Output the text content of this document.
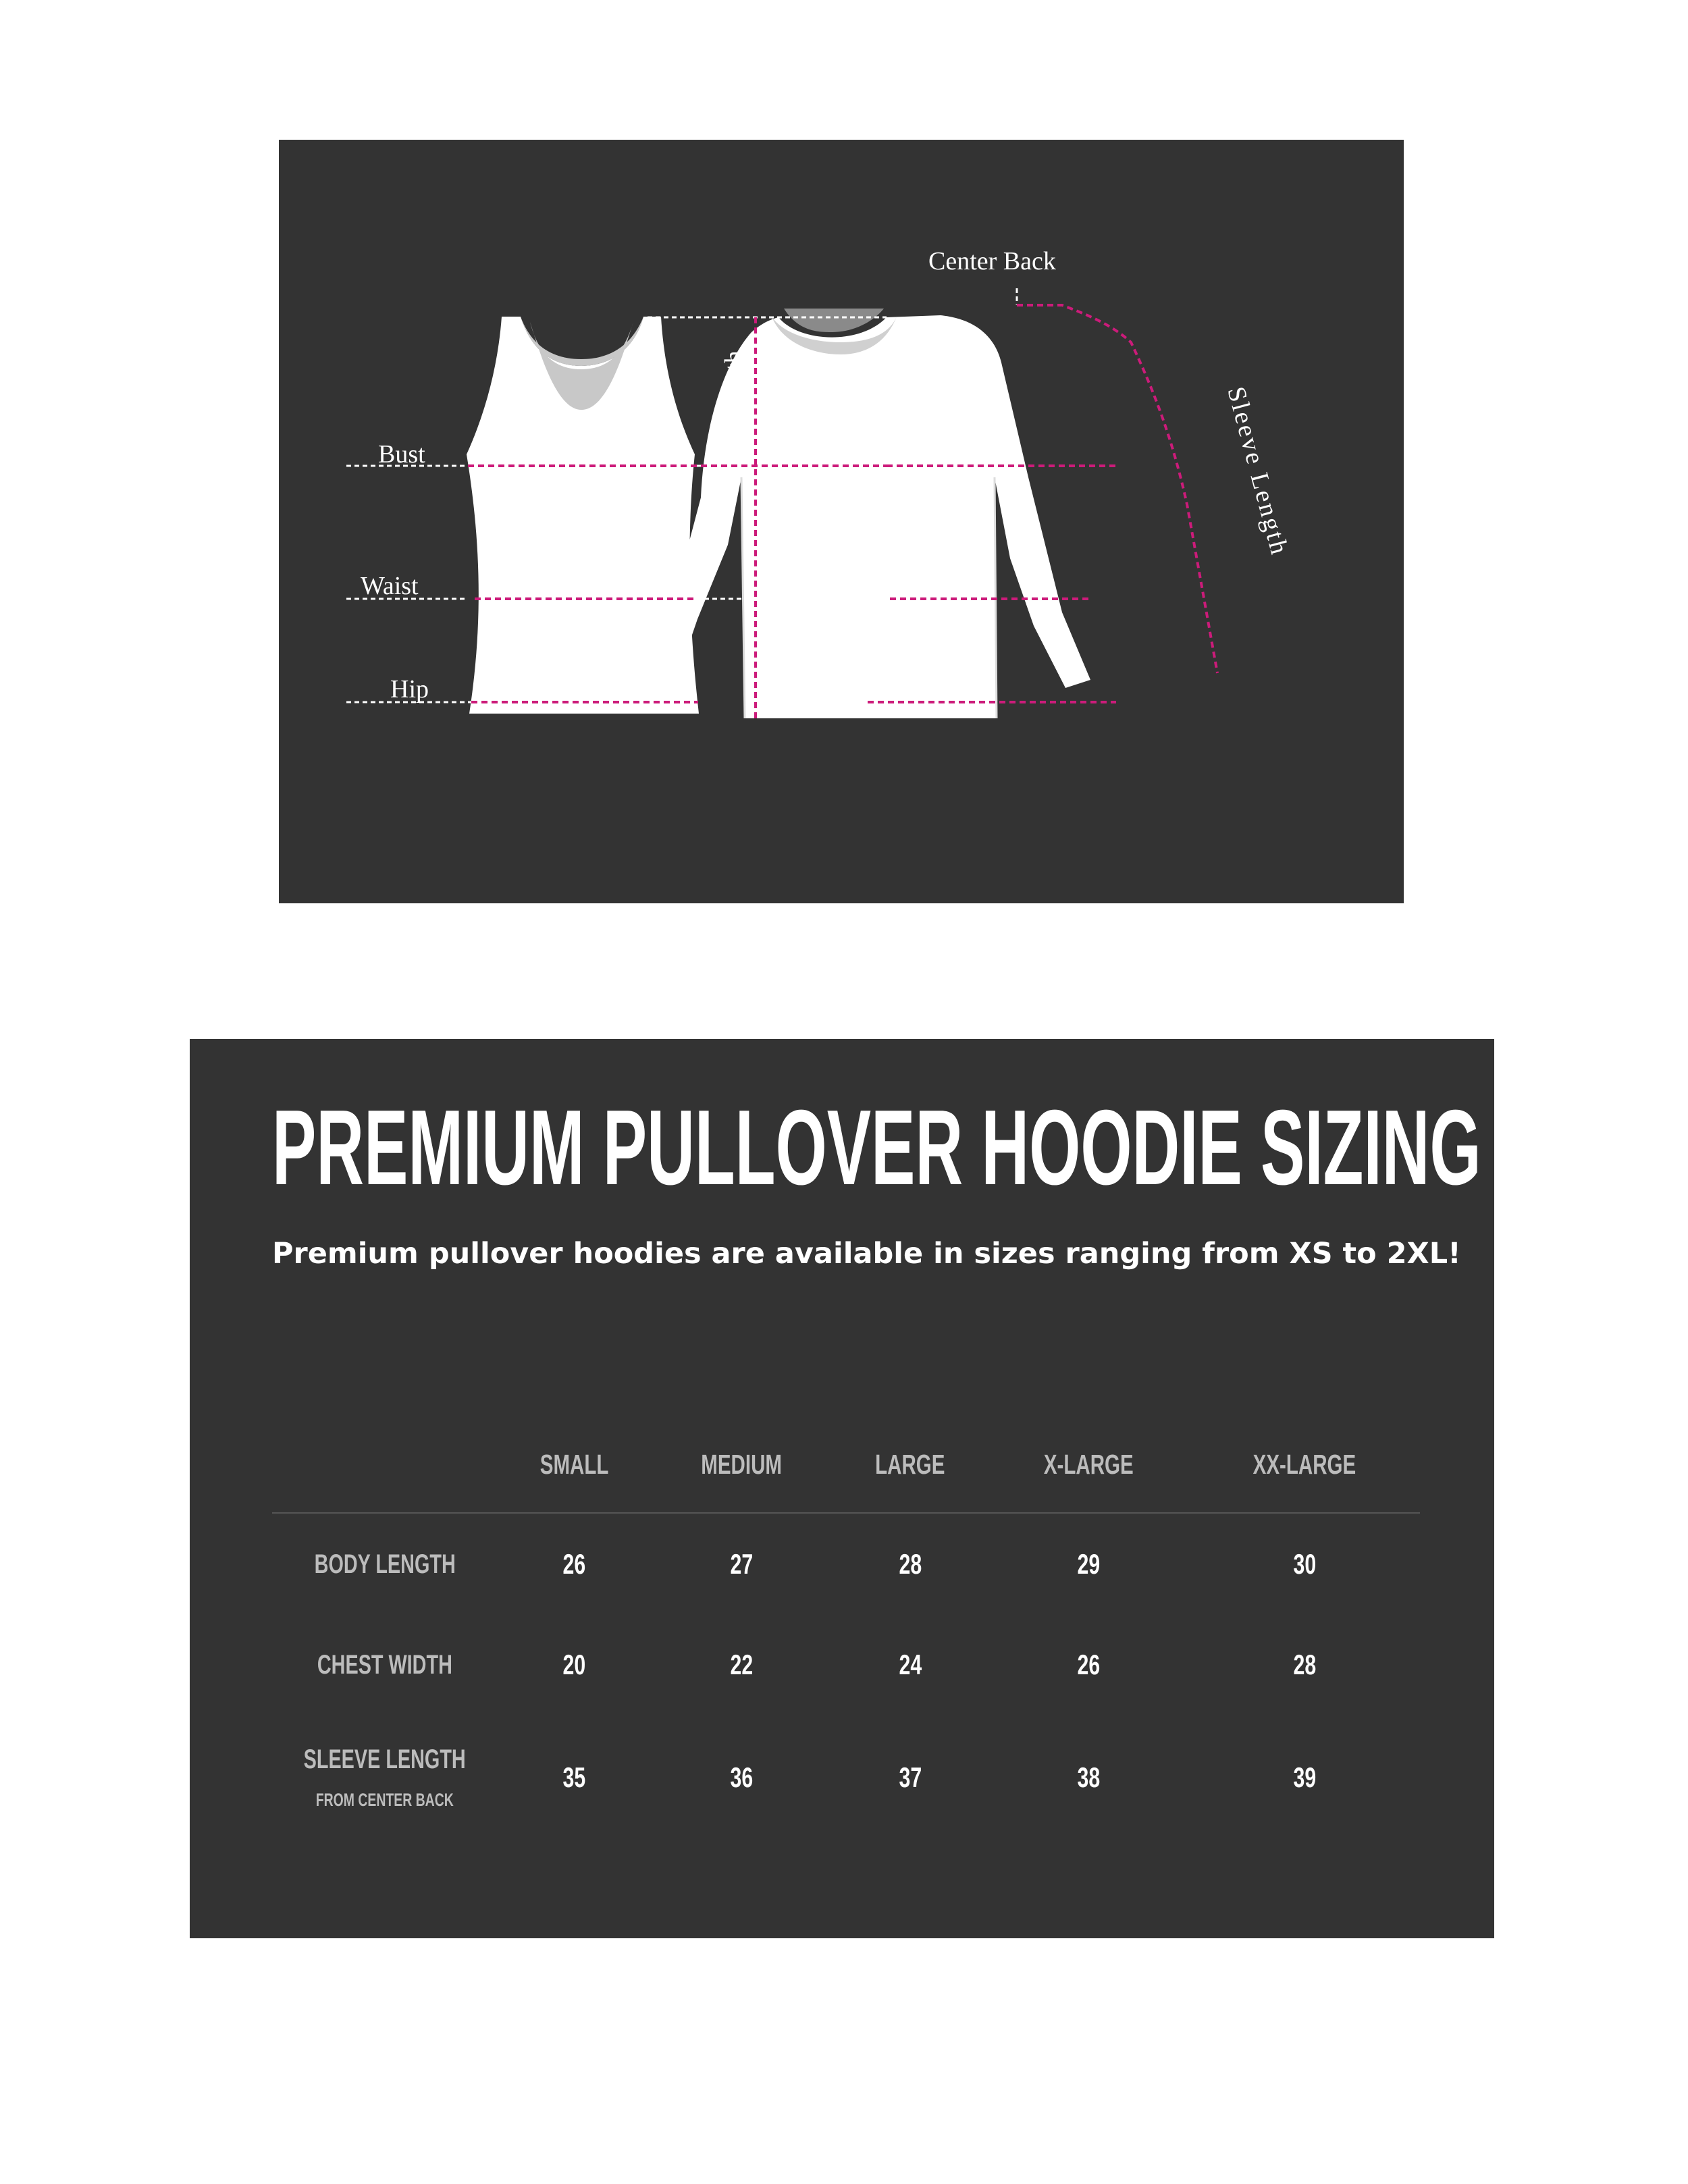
Center Back
Length	Sleeve Length
Bust
Waist
Hip
PREMIUM PULLOVER HOODIE SIZING

Premium pullover hoodies are available in sizes ranging from XS to 2XL!

	SMALL	MEDIUM	LARGE	X-LARGE	XX-LARGE
BODY LENGTH	26	27	28	29	30
CHEST WIDTH	20	22	24	26	28
SLEEVE LENGTH
FROM CENTER BACK	35	36	37	38	39
